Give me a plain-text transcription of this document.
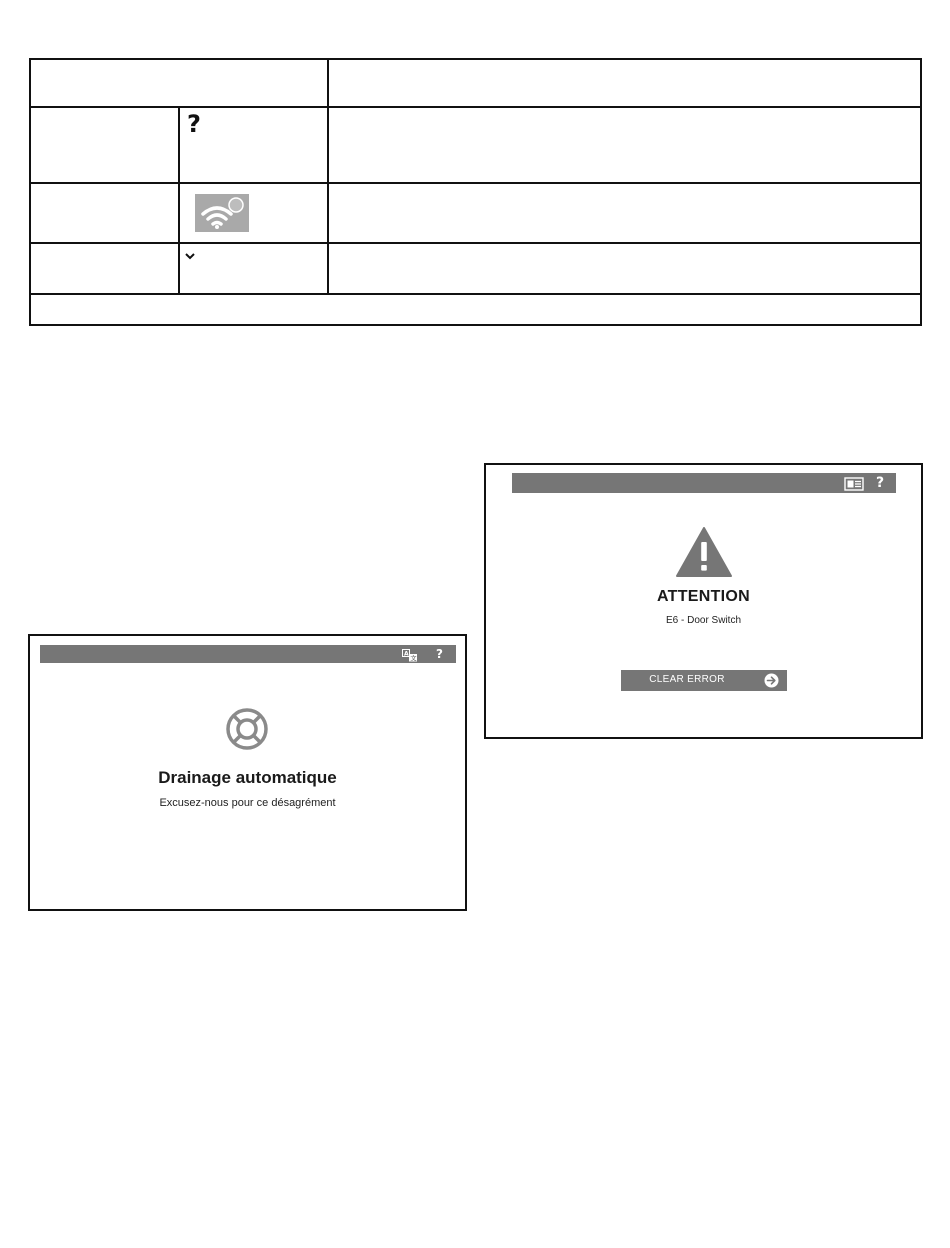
?
A
文 ?
Drainage automatique
Excusez-nous pour ce désagrément
?
ATTENTION
E6 - Door Switch
CLEAR ERROR
